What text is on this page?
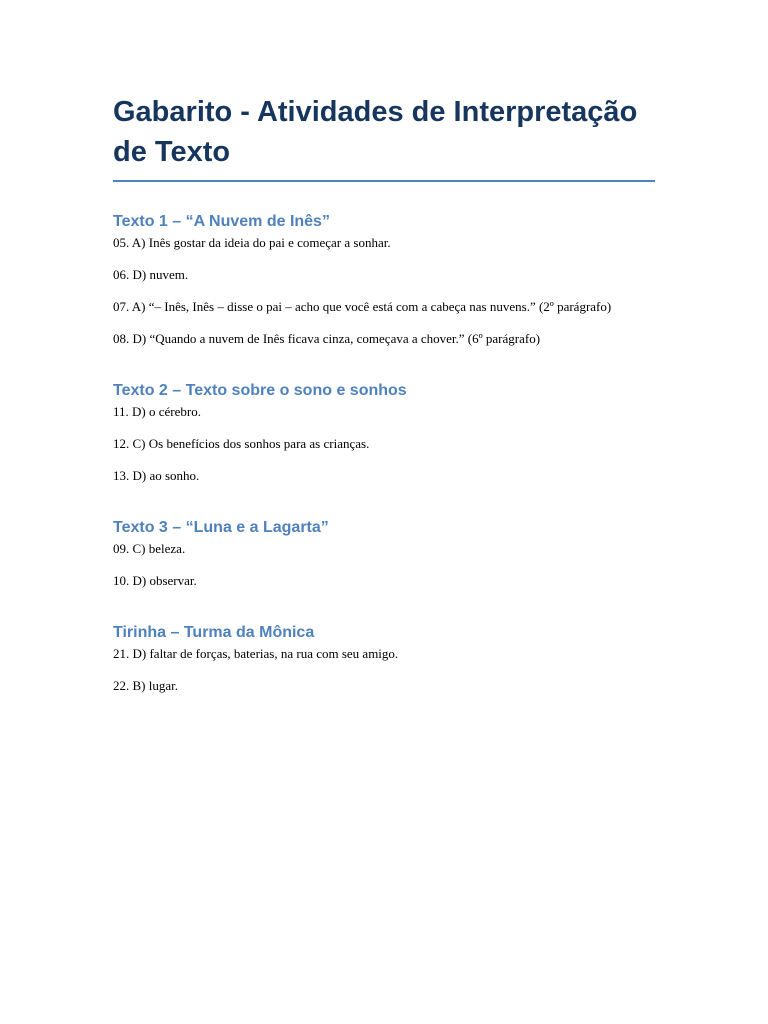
Gabarito - Atividades de Interpretação de Texto
Texto 1 – “A Nuvem de Inês”

05. A) Inês gostar da ideia do pai e começar a sonhar.

06. D) nuvem.

07. A) “– Inês, Inês – disse o pai – acho que você está com a cabeça nas nuvens.” (2º parágrafo)

08. D) “Quando a nuvem de Inês ficava cinza, começava a chover.” (6º parágrafo)

Texto 2 – Texto sobre o sono e sonhos

11. D) o cérebro.

12. C) Os benefícios dos sonhos para as crianças.

13. D) ao sonho.

Texto 3 – “Luna e a Lagarta”

09. C) beleza.

10. D) observar.

Tirinha – Turma da Mônica

21. D) faltar de forças, baterias, na rua com seu amigo.

22. B) lugar.
